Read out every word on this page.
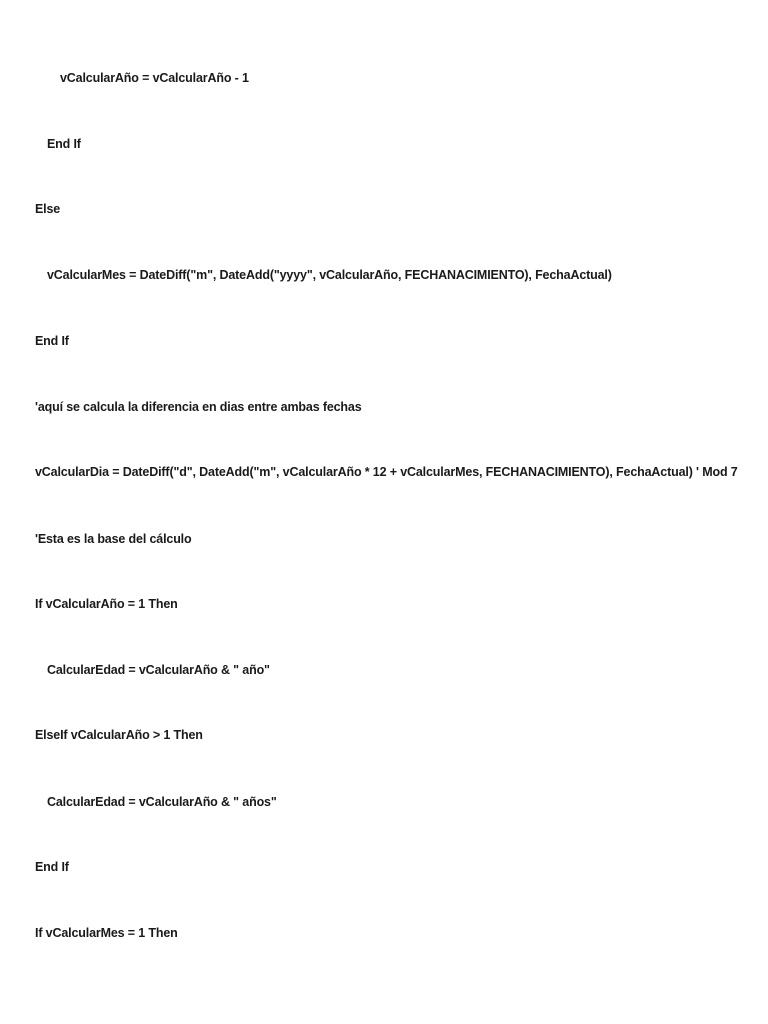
vCalcularAño = vCalcularAño - 1
End If
Else
vCalcularMes = DateDiff("m", DateAdd("yyyy", vCalcularAño, FECHANACIMIENTO), FechaActual)
End If
'aquí se calcula la diferencia en dias entre ambas fechas
vCalcularDia = DateDiff("d", DateAdd("m", vCalcularAño * 12 + vCalcularMes, FECHANACIMIENTO), FechaActual) ' Mod 7
'Esta es la base del cálculo
If vCalcularAño = 1 Then
CalcularEdad = vCalcularAño & " año"
ElseIf vCalcularAño > 1 Then
CalcularEdad = vCalcularAño & " años"
End If
If vCalcularMes = 1 Then
